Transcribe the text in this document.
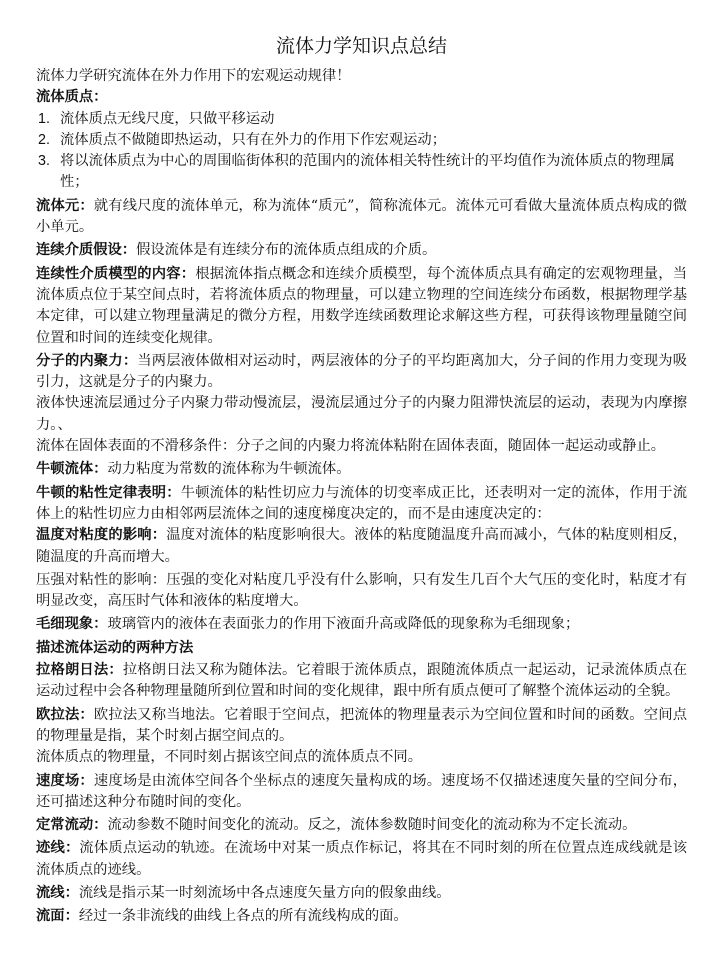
流体力学知识点总结

流体力学研究流体在外力作用下的宏观运动规律！

流体质点：

1. 流体质点无线尺度，只做平移运动
2. 流体质点不做随即热运动，只有在外力的作用下作宏观运动；
3. 将以流体质点为中心的周围临街体积的范围内的流体相关特性统计的平均值作为流体质点的物理属性；

流体元：就有线尺度的流体单元，称为流体“质元”，简称流体元。流体元可看做大量流体质点构成的微小单元。

连续介质假设：假设流体是有连续分布的流体质点组成的介质。

连续性介质模型的内容：根据流体指点概念和连续介质模型，每个流体质点具有确定的宏观物理量，当流体质点位于某空间点时，若将流体质点的物理量，可以建立物理的空间连续分布函数，根据物理学基本定律，可以建立物理量满足的微分方程，用数学连续函数理论求解这些方程，可获得该物理量随空间位置和时间的连续变化规律。

分子的内聚力：当两层液体做相对运动时，两层液体的分子的平均距离加大，分子间的作用力变现为吸引力，这就是分子的内聚力。

液体快速流层通过分子内聚力带动慢流层，漫流层通过分子的内聚力阻滞快流层的运动，表现为内摩擦力。、

流体在固体表面的不滑移条件：分子之间的内聚力将流体粘附在固体表面，随固体一起运动或静止。

牛顿流体：动力粘度为常数的流体称为牛顿流体。

牛顿的粘性定律表明：牛顿流体的粘性切应力与流体的切变率成正比，还表明对一定的流体，作用于流体上的粘性切应力由相邻两层流体之间的速度梯度决定的，而不是由速度决定的：

温度对粘度的影响：温度对流体的粘度影响很大。液体的粘度随温度升高而减小，气体的粘度则相反，随温度的升高而增大。

压强对粘性的影响：压强的变化对粘度几乎没有什么影响，只有发生几百个大气压的变化时，粘度才有明显改变，高压时气体和液体的粘度增大。

毛细现象：玻璃管内的液体在表面张力的作用下液面升高或降低的现象称为毛细现象；

描述流体运动的两种方法

拉格朗日法：拉格朗日法又称为随体法。它着眼于流体质点，跟随流体质点一起运动，记录流体质点在运动过程中会各种物理量随所到位置和时间的变化规律，跟中所有质点便可了解整个流体运动的全貌。

欧拉法：欧拉法又称当地法。它着眼于空间点，把流体的物理量表示为空间位置和时间的函数。空间点的物理量是指，某个时刻占据空间点的。

流体质点的物理量，不同时刻占据该空间点的流体质点不同。

速度场：速度场是由流体空间各个坐标点的速度矢量构成的场。速度场不仅描述速度矢量的空间分布，还可描述这种分布随时间的变化。

定常流动：流动参数不随时间变化的流动。反之，流体参数随时间变化的流动称为不定长流动。

迹线：流体质点运动的轨迹。在流场中对某一质点作标记，将其在不同时刻的所在位置点连成线就是该流体质点的迹线。

流线：流线是指示某一时刻流场中各点速度矢量方向的假象曲线。

流面：经过一条非流线的曲线上各点的所有流线构成的面。
